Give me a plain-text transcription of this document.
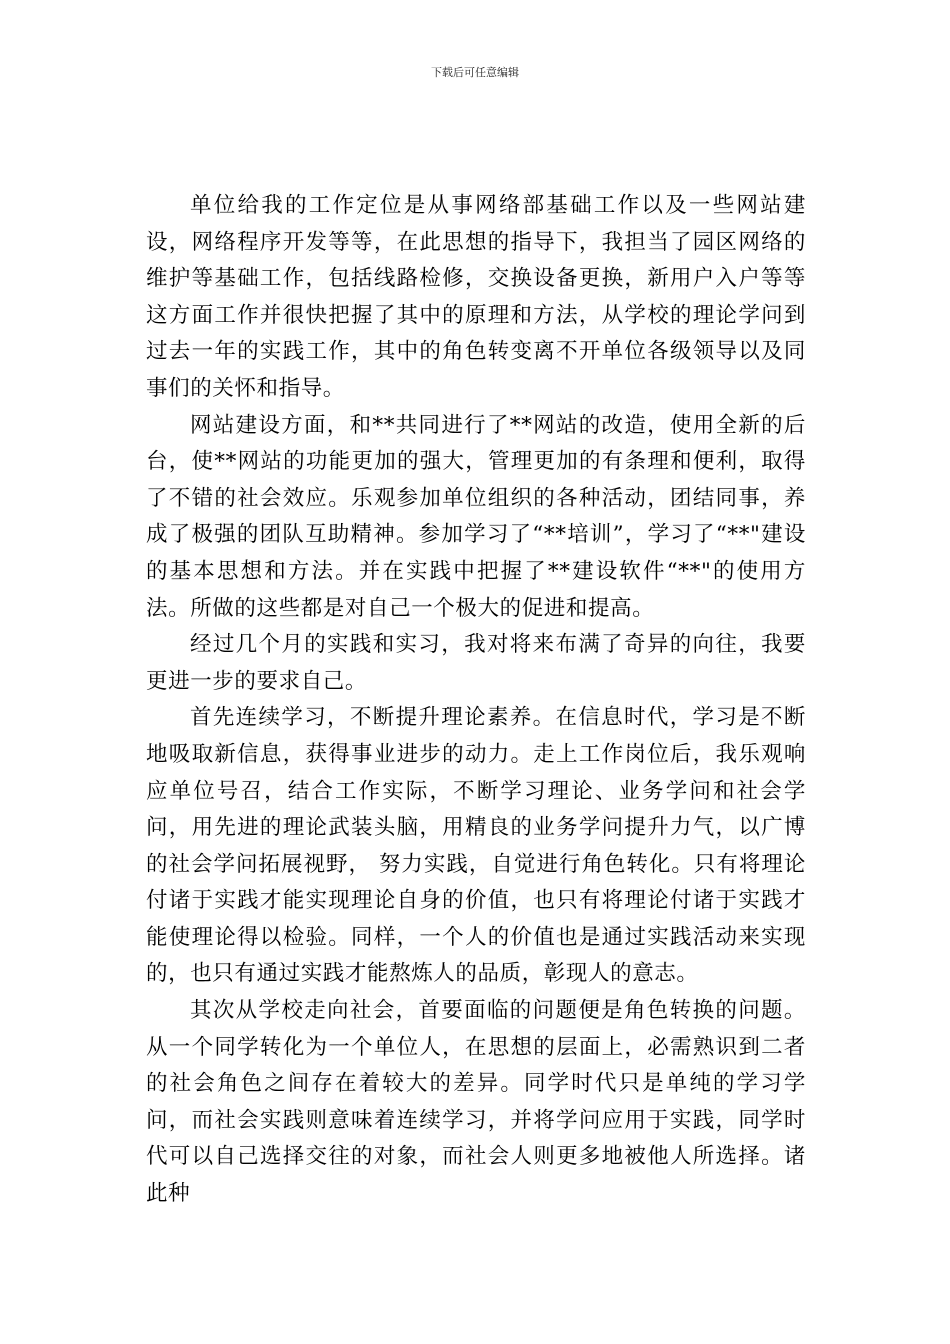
下载后可任意编辑

单位给我的工作定位是从事网络部基础工作以及一些网站建设，网络程序开发等等，在此思想的指导下，我担当了园区网络的维护等基础工作，包括线路检修，交换设备更换，新用户入户等等这方面工作并很快把握了其中的原理和方法，从学校的理论学问到过去一年的实践工作，其中的角色转变离不开单位各级领导以及同事们的关怀和指导。

网站建设方面，和**共同进行了**网站的改造，使用全新的后台，使**网站的功能更加的强大，管理更加的有条理和便利，取得了不错的社会效应。乐观参加单位组织的各种活动，团结同事，养成了极强的团队互助精神。参加学习了“**培训”，学习了“**"建设的基本思想和方法。并在实践中把握了**建设软件“**"的使用方法。所做的这些都是对自己一个极大的促进和提高。

经过几个月的实践和实习，我对将来布满了奇异的向往，我要更进一步的要求自己。

首先连续学习，不断提升理论素养。在信息时代，学习是不断地吸取新信息，获得事业进步的动力。走上工作岗位后，我乐观响应单位号召，结合工作实际，不断学习理论、业务学问和社会学问，用先进的理论武装头脑，用精良的业务学问提升力气，以广博的社会学问拓展视野， 努力实践，自觉进行角色转化。只有将理论付诸于实践才能实现理论自身的价值，也只有将理论付诸于实践才能使理论得以检验。同样，一个人的价值也是通过实践活动来实现的，也只有通过实践才能熬炼人的品质，彰现人的意志。

其次从学校走向社会，首要面临的问题便是角色转换的问题。从一个同学转化为一个单位人，在思想的层面上，必需熟识到二者的社会角色之间存在着较大的差异。同学时代只是单纯的学习学问，而社会实践则意味着连续学习，并将学问应用于实践，同学时代可以自己选择交往的对象，而社会人则更多地被他人所选择。诸此种
